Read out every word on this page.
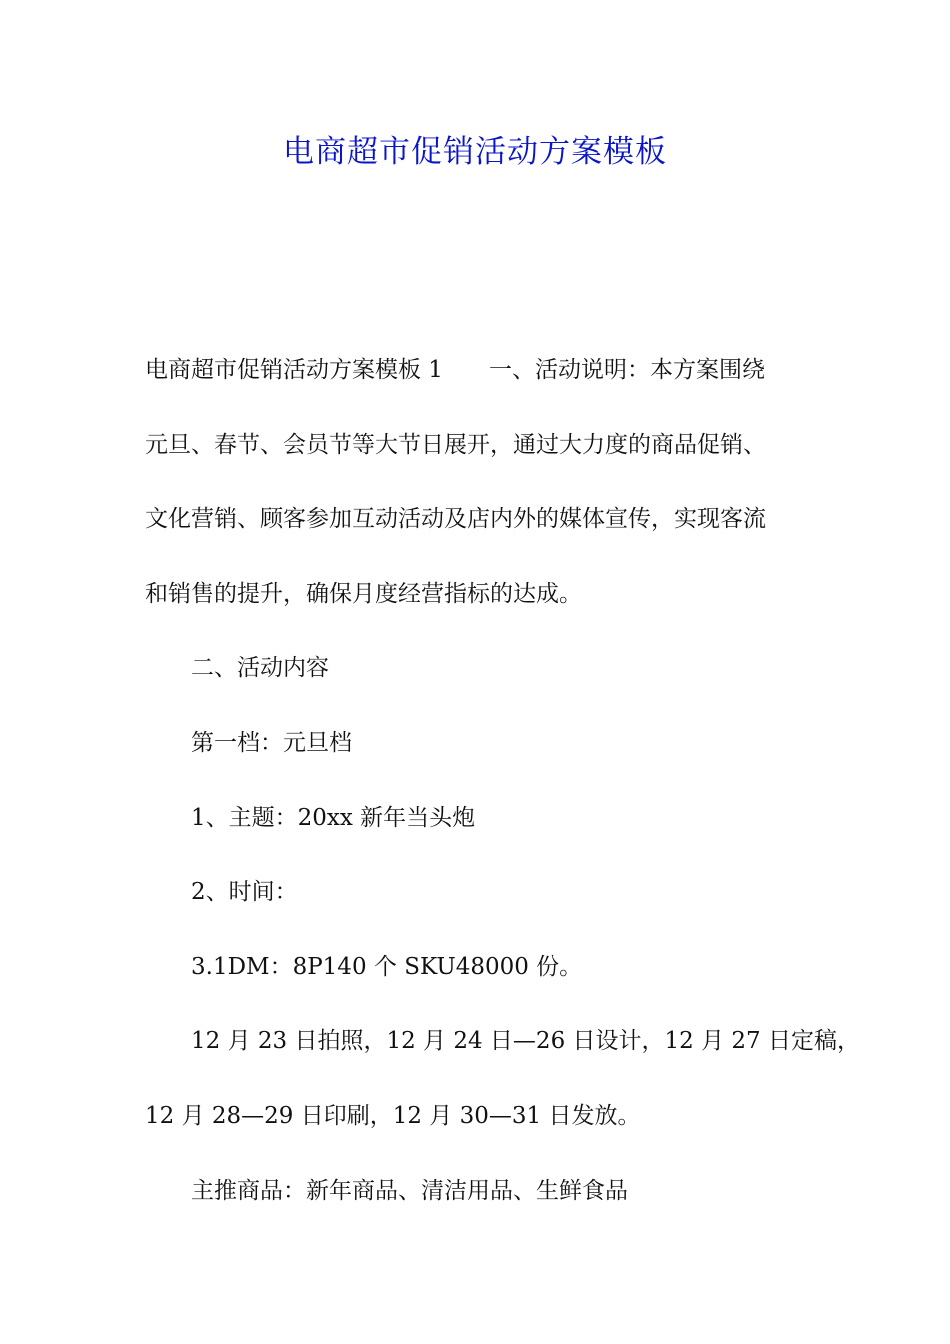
电商超市促销活动方案模板

电商超市促销活动方案模板 1 一、活动说明：本方案围绕

元旦、春节、会员节等大节日展开，通过大力度的商品促销、

文化营销、顾客参加互动活动及店内外的媒体宣传，实现客流

和销售的提升，确保月度经营指标的达成。

二、活动内容

第一档：元旦档

1、主题：20xx 新年当头炮

2、时间：

3.1DM：8P140 个 SKU48000 份。

12 月 23 日拍照，12 月 24 日—26 日设计，12 月 27 日定稿，

12 月 28—29 日印刷，12 月 30—31 日发放。

主推商品：新年商品、清洁用品、生鲜食品
